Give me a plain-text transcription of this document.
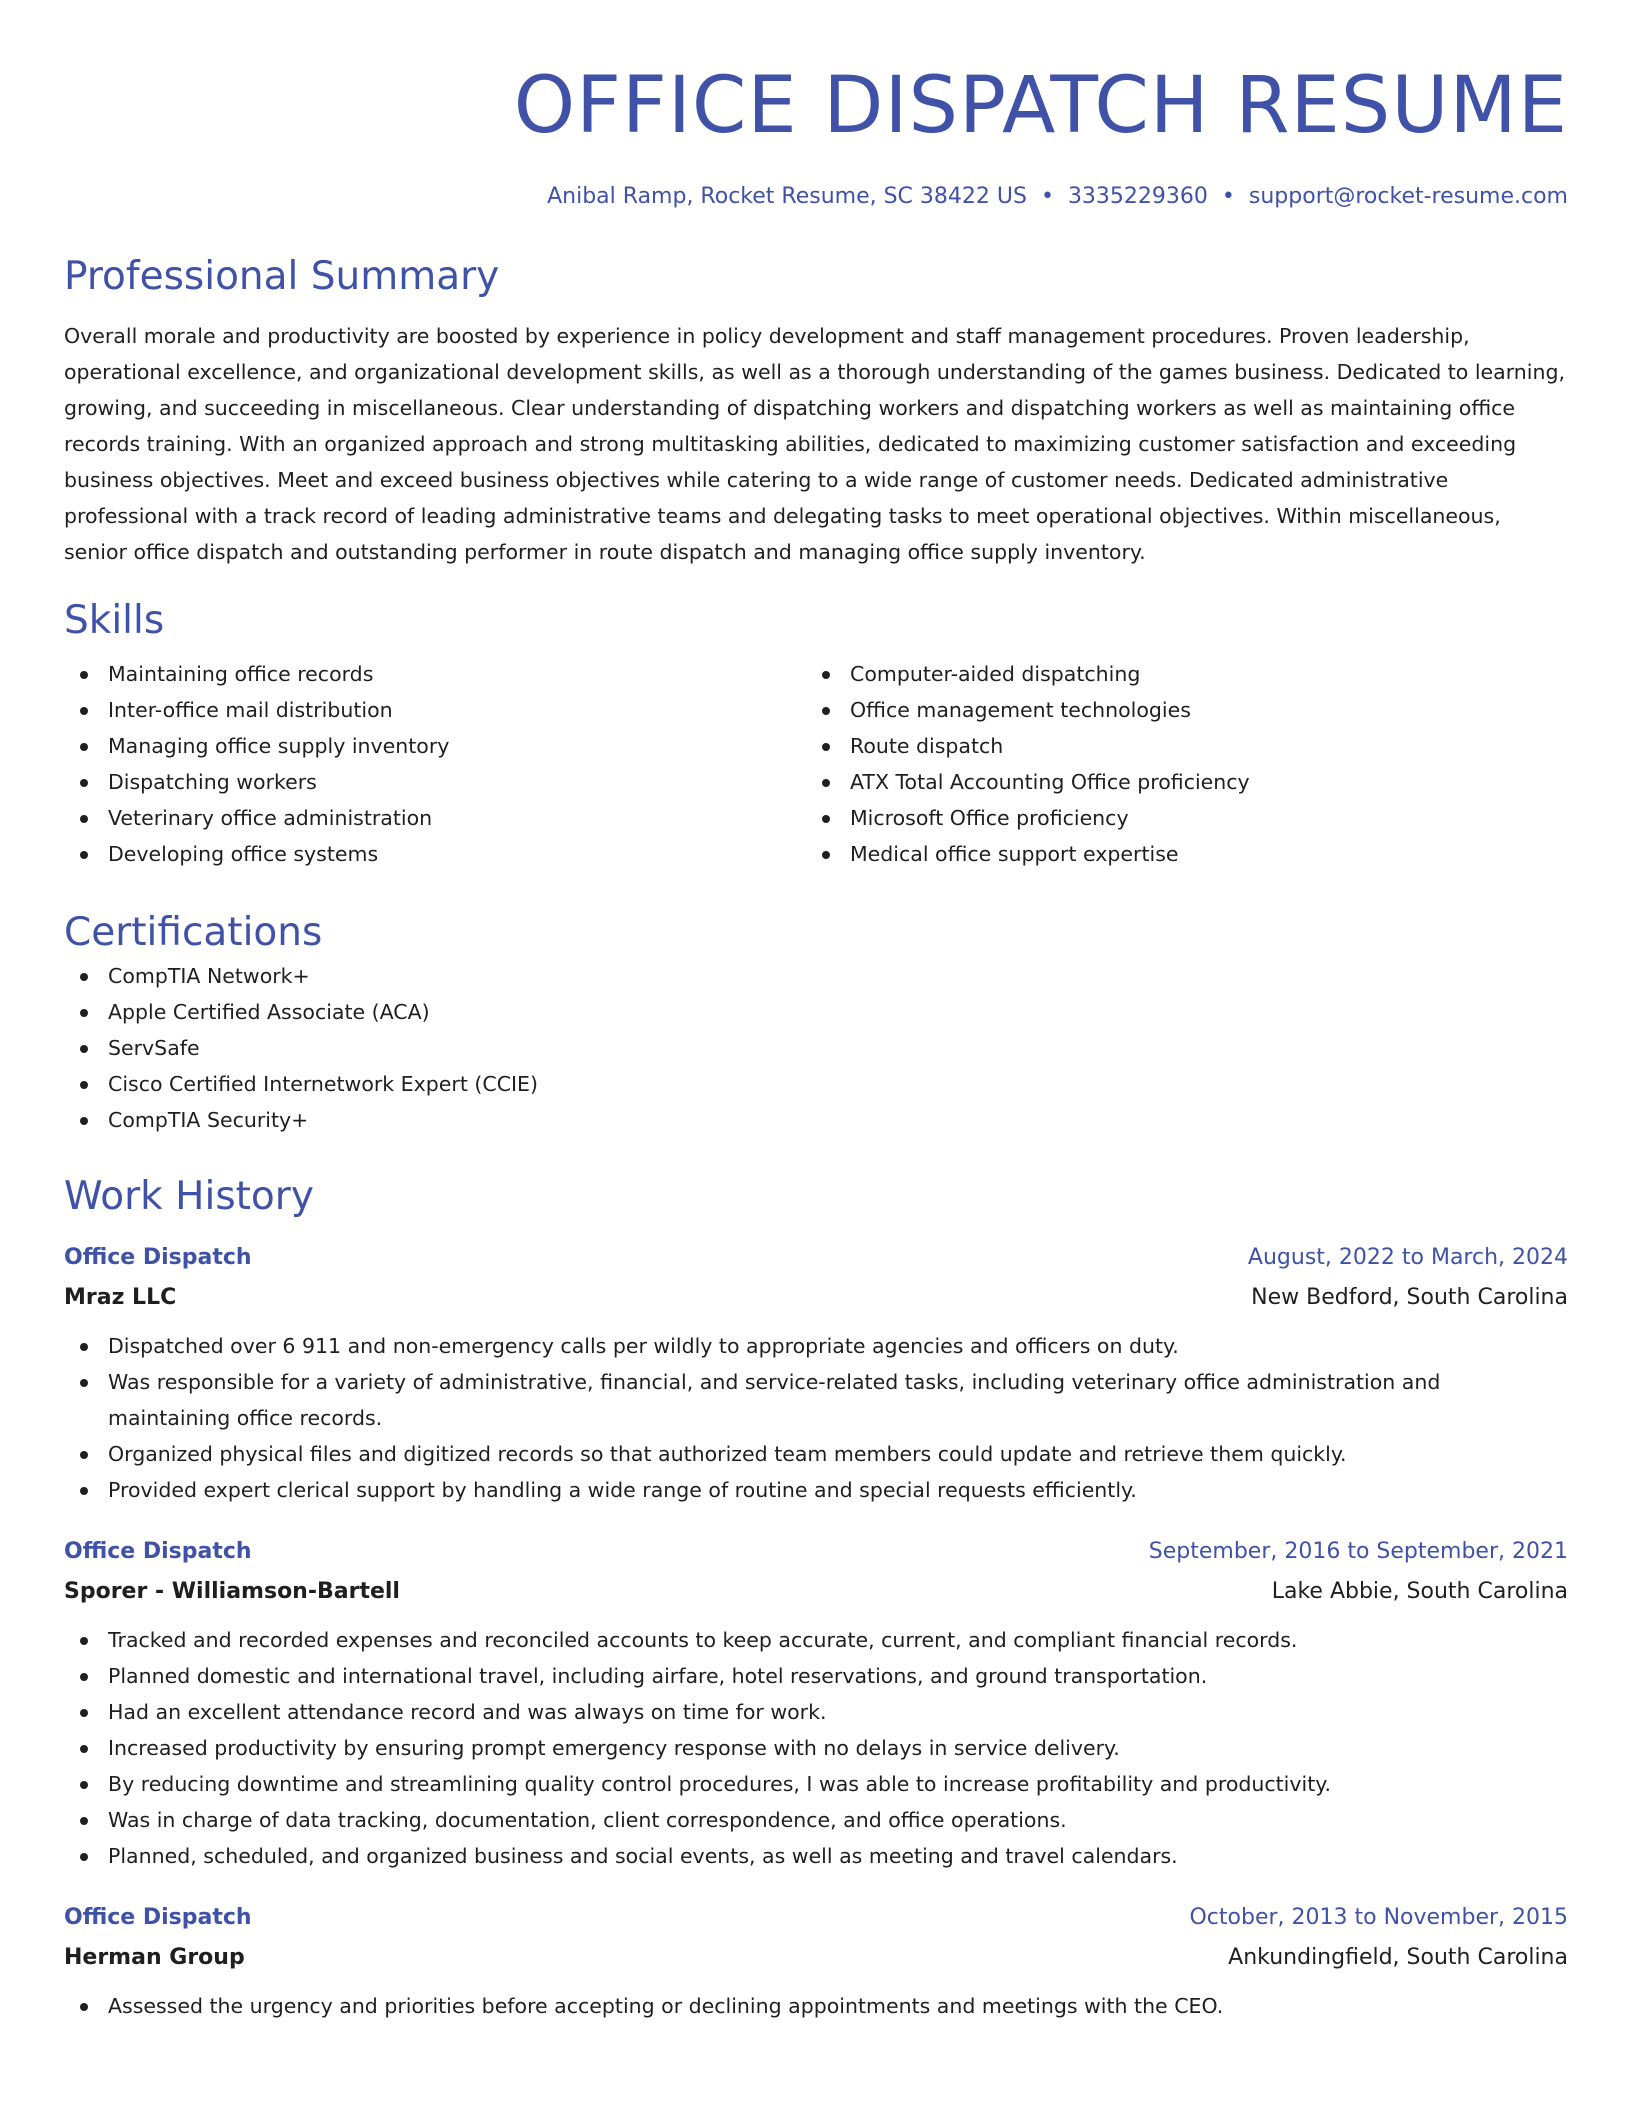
OFFICE DISPATCH RESUME
Anibal Ramp, Rocket Resume, SC 38422 US • 3335229360 • support@rocket-resume.com
Professional Summary
Overall morale and productivity are boosted by experience in policy development and staff management procedures. Proven leadership, operational excellence, and organizational development skills, as well as a thorough understanding of the games business. Dedicated to learning, growing, and succeeding in miscellaneous. Clear understanding of dispatching workers and dispatching workers as well as maintaining office records training. With an organized approach and strong multitasking abilities, dedicated to maximizing customer satisfaction and exceeding business objectives. Meet and exceed business objectives while catering to a wide range of customer needs. Dedicated administrative professional with a track record of leading administrative teams and delegating tasks to meet operational objectives. Within miscellaneous, senior office dispatch and outstanding performer in route dispatch and managing office supply inventory.
Skills
Maintaining office records
Inter-office mail distribution
Managing office supply inventory
Dispatching workers
Veterinary office administration
Developing office systems
Computer-aided dispatching
Office management technologies
Route dispatch
ATX Total Accounting Office proficiency
Microsoft Office proficiency
Medical office support expertise
Certifications
CompTIA Network+
Apple Certified Associate (ACA)
ServSafe
Cisco Certified Internetwork Expert (CCIE)
CompTIA Security+
Work History
Office Dispatch	August, 2022 to March, 2024
Mraz LLC	New Bedford, South Carolina
Dispatched over 6 911 and non-emergency calls per wildly to appropriate agencies and officers on duty.
Was responsible for a variety of administrative, financial, and service-related tasks, including veterinary office administration and maintaining office records.
Organized physical files and digitized records so that authorized team members could update and retrieve them quickly.
Provided expert clerical support by handling a wide range of routine and special requests efficiently.
Office Dispatch	September, 2016 to September, 2021
Sporer - Williamson-Bartell	Lake Abbie, South Carolina
Tracked and recorded expenses and reconciled accounts to keep accurate, current, and compliant financial records.
Planned domestic and international travel, including airfare, hotel reservations, and ground transportation.
Had an excellent attendance record and was always on time for work.
Increased productivity by ensuring prompt emergency response with no delays in service delivery.
By reducing downtime and streamlining quality control procedures, I was able to increase profitability and productivity.
Was in charge of data tracking, documentation, client correspondence, and office operations.
Planned, scheduled, and organized business and social events, as well as meeting and travel calendars.
Office Dispatch	October, 2013 to November, 2015
Herman Group	Ankundingfield, South Carolina
Assessed the urgency and priorities before accepting or declining appointments and meetings with the CEO.
